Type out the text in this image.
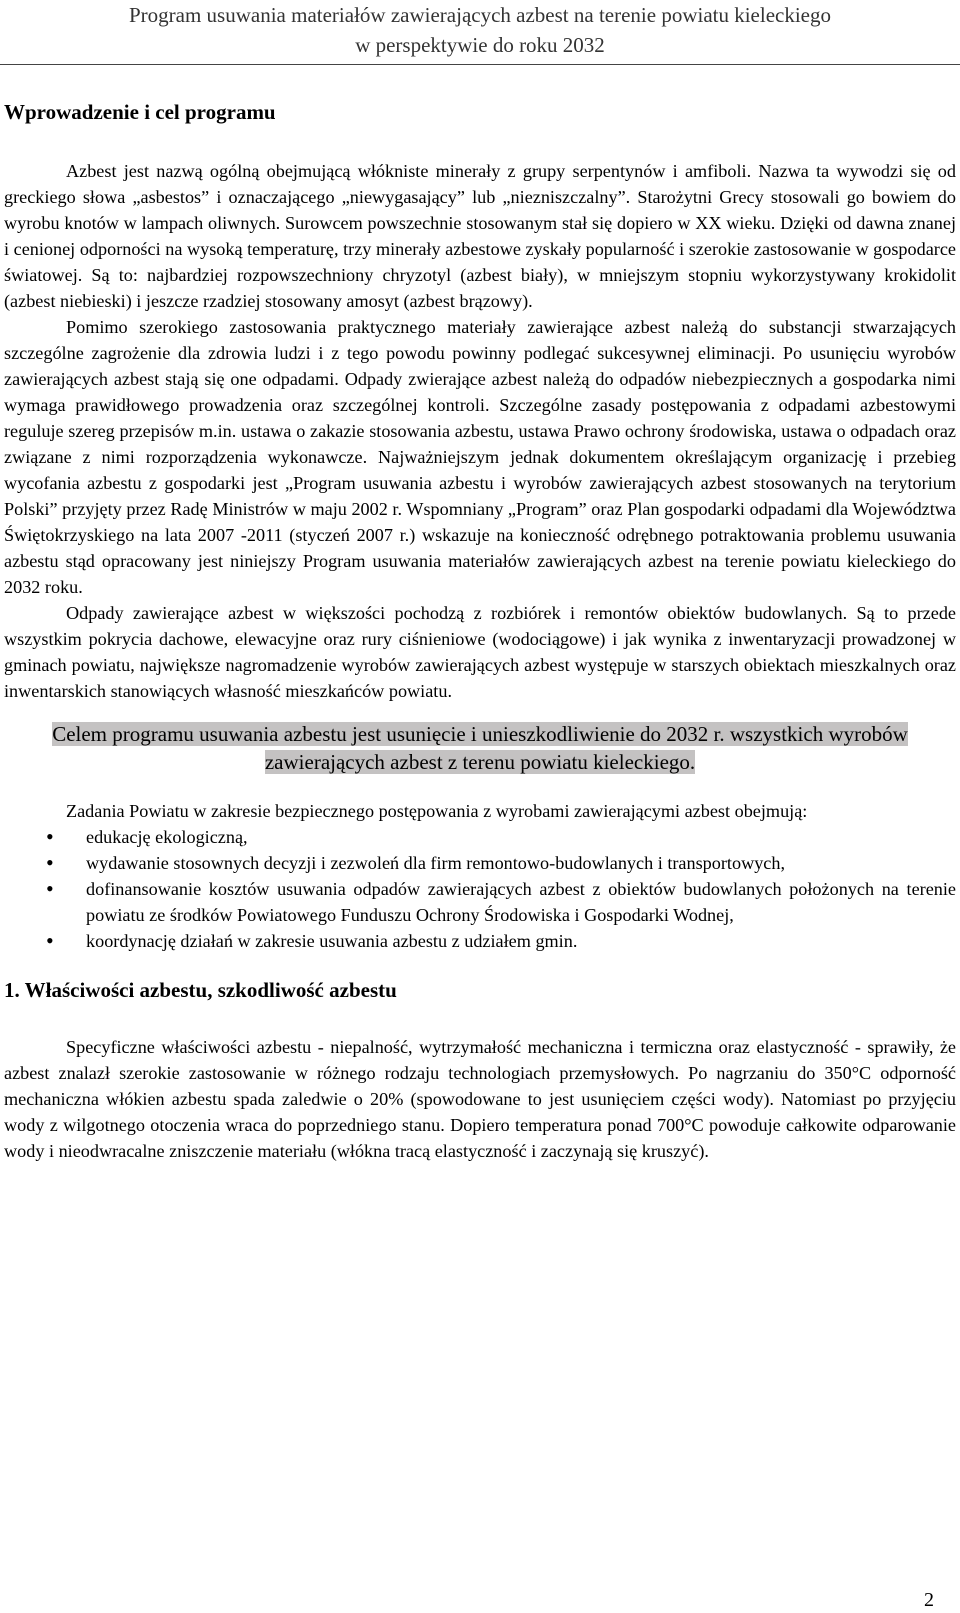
Program usuwania materiałów zawierających azbest na terenie powiatu kieleckiego
w perspektywie do roku 2032
Wprowadzenie i cel programu

Azbest jest nazwą ogólną obejmującą włókniste minerały z grupy serpentynów i amfiboli. Nazwa ta wywodzi się od greckiego słowa „asbestos” i oznaczającego „niewygasający” lub „niezniszczalny”. Starożytni Grecy stosowali go bowiem do wyrobu knotów w lampach oliwnych. Surowcem powszechnie stosowanym stał się dopiero w XX wieku. Dzięki od dawna znanej i cenionej odporności na wysoką temperaturę, trzy minerały azbestowe zyskały popularność i szerokie zastosowanie w gospodarce światowej. Są to: najbardziej rozpowszechniony chryzotyl (azbest biały), w mniejszym stopniu wykorzystywany krokidolit (azbest niebieski) i jeszcze rzadziej stosowany amosyt (azbest brązowy).

Pomimo szerokiego zastosowania praktycznego materiały zawierające azbest należą do substancji stwarzających szczególne zagrożenie dla zdrowia ludzi i z tego powodu powinny podlegać sukcesywnej eliminacji. Po usunięciu wyrobów zawierających azbest stają się one odpadami. Odpady zwierające azbest należą do odpadów niebezpiecznych a gospodarka nimi wymaga prawidłowego prowadzenia oraz szczególnej kontroli. Szczególne zasady postępowania z odpadami azbestowymi reguluje szereg przepisów m.in. ustawa o zakazie stosowania azbestu, ustawa Prawo ochrony środowiska, ustawa o odpadach oraz związane z nimi rozporządzenia wykonawcze. Najważniejszym jednak dokumentem określającym organizację i przebieg wycofania azbestu z gospodarki jest „Program usuwania azbestu i wyrobów zawierających azbest stosowanych na terytorium Polski” przyjęty przez Radę Ministrów w maju 2002 r. Wspomniany „Program” oraz Plan gospodarki odpadami dla Województwa Świętokrzyskiego na lata 2007 -2011 (styczeń 2007 r.) wskazuje na konieczność odrębnego potraktowania problemu usuwania azbestu stąd opracowany jest niniejszy Program usuwania materiałów zawierających azbest na terenie powiatu kieleckiego do 2032 roku.

Odpady zawierające azbest w większości pochodzą z rozbiórek i remontów obiektów budowlanych. Są to przede wszystkim pokrycia dachowe, elewacyjne oraz rury ciśnieniowe (wodociągowe) i jak wynika z inwentaryzacji prowadzonej w gminach powiatu, największe nagromadzenie wyrobów zawierających azbest występuje w starszych obiektach mieszkalnych oraz inwentarskich stanowiących własność mieszkańców powiatu.

Celem programu usuwania azbestu jest usunięcie i unieszkodliwienie do 2032 r. wszystkich wyrobów zawierających azbest z terenu powiatu kieleckiego.

Zadania Powiatu w zakresie bezpiecznego postępowania z wyrobami zawierającymi azbest obejmują:

• edukację ekologiczną,
• wydawanie stosownych decyzji i zezwoleń dla firm remontowo-budowlanych i transportowych,
• dofinansowanie kosztów usuwania odpadów zawierających azbest z obiektów budowlanych położonych na terenie powiatu ze środków Powiatowego Funduszu Ochrony Środowiska i Gospodarki Wodnej,
• koordynację działań w zakresie usuwania azbestu z udziałem gmin.
1. Właściwości azbestu, szkodliwość azbestu

Specyficzne właściwości azbestu - niepalność, wytrzymałość mechaniczna i termiczna oraz elastyczność - sprawiły, że azbest znalazł szerokie zastosowanie w różnego rodzaju technologiach przemysłowych. Po nagrzaniu do 350°C odporność mechaniczna włókien azbestu spada zaledwie o 20% (spowodowane to jest usunięciem części wody). Natomiast po przyjęciu wody z wilgotnego otoczenia wraca do poprzedniego stanu. Dopiero temperatura ponad 700°C powoduje całkowite odparowanie wody i nieodwracalne zniszczenie materiału (włókna tracą elastyczność i zaczynają się kruszyć).

2
